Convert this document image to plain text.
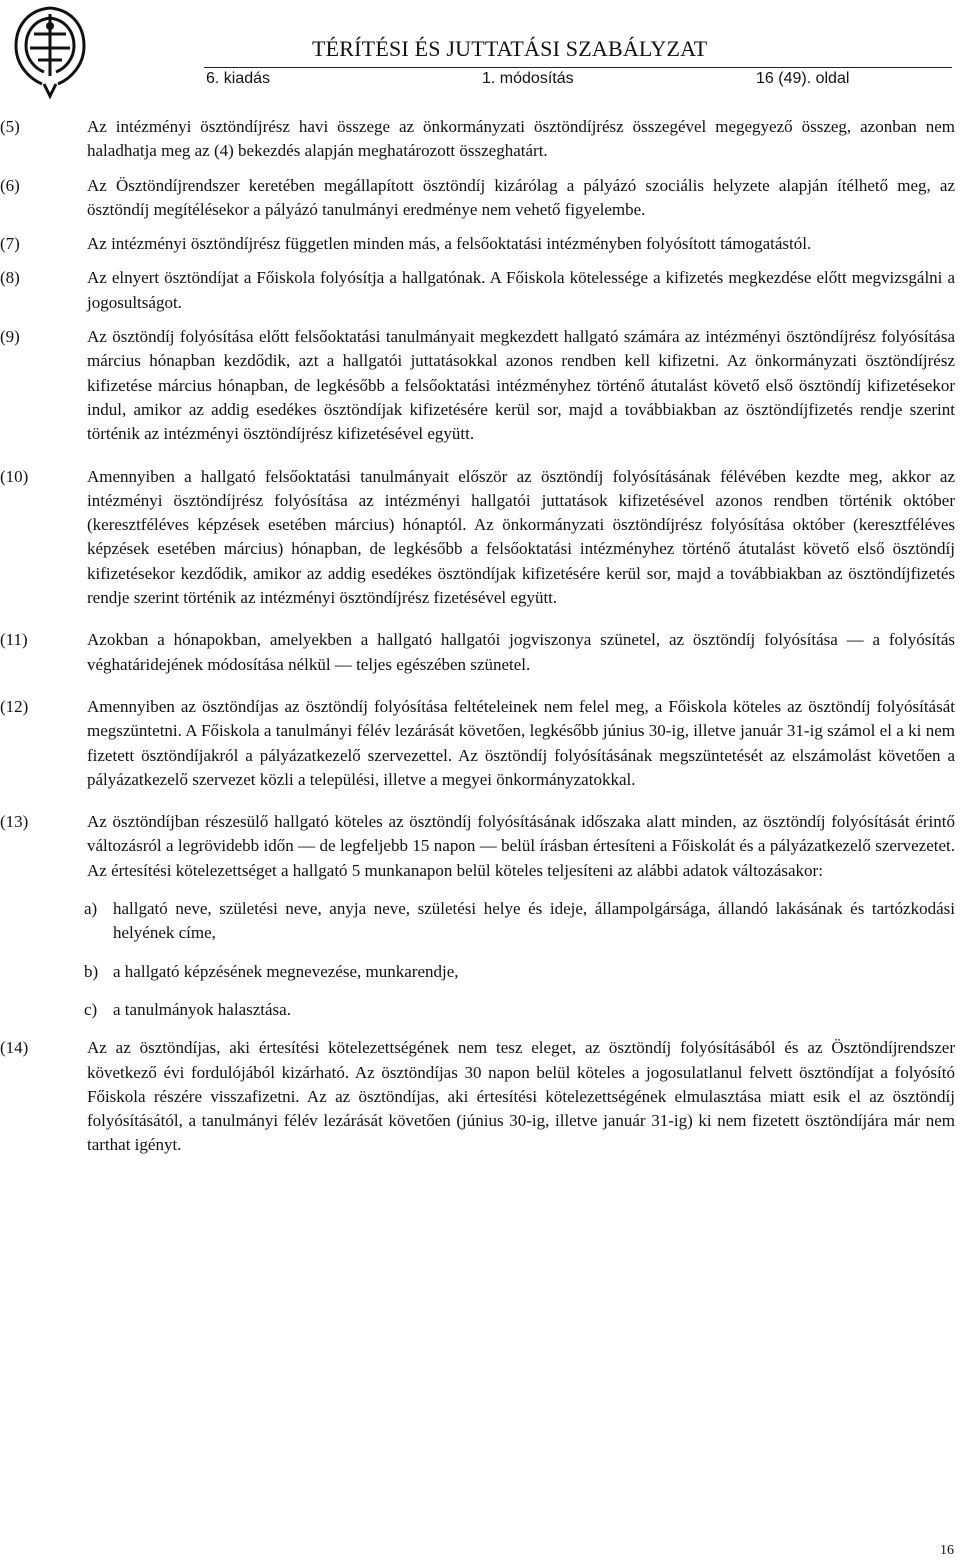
TÉRÍTÉSI ÉS JUTTATÁSI SZABÁLYZAT
6. kiadás	1. módosítás	16 (49). oldal
(5)	Az intézményi ösztöndíjrész havi összege az önkormányzati ösztöndíjrész összegével megegyező összeg, azonban nem haladhatja meg az (4) bekezdés alapján meghatározott összeghatárt.
(6)	Az Ösztöndíjrendszer keretében megállapított ösztöndíj kizárólag a pályázó szociális helyzete alapján ítélhető meg, az ösztöndíj megítélésekor a pályázó tanulmányi eredménye nem vehető figyelembe.
(7)	Az intézményi ösztöndíjrész független minden más, a felsőoktatási intézményben folyósított támogatástól.
(8)	Az elnyert ösztöndíjat a Főiskola folyósítja a hallgatónak. A Főiskola kötelessége a kifizetés megkezdése előtt megvizsgálni a jogosultságot.
(9)	Az ösztöndíj folyósítása előtt felsőoktatási tanulmányait megkezdett hallgató számára az intézményi ösztöndíjrész folyósítása március hónapban kezdődik, azt a hallgatói juttatásokkal azonos rendben kell kifizetni. Az önkormányzati ösztöndíjrész kifizetése március hónapban, de legkésőbb a felsőoktatási intézményhez történő átutalást követő első ösztöndíj kifizetésekor indul, amikor az addig esedékes ösztöndíjak kifizetésére kerül sor, majd a továbbiakban az ösztöndíjfizetés rendje szerint történik az intézményi ösztöndíjrész kifizetésével együtt.
(10)	Amennyiben a hallgató felsőoktatási tanulmányait először az ösztöndíj folyósításának félévében kezdte meg, akkor az intézményi ösztöndíjrész folyósítása az intézményi hallgatói juttatások kifizetésével azonos rendben történik október (keresztféléves képzések esetében március) hónaptól. Az önkormányzati ösztöndíjrész folyósítása október (keresztféléves képzések esetében március) hónapban, de legkésőbb a felsőoktatási intézményhez történő átutalást követő első ösztöndíj kifizetésekor kezdődik, amikor az addig esedékes ösztöndíjak kifizetésére kerül sor, majd a továbbiakban az ösztöndíjfizetés rendje szerint történik az intézményi ösztöndíjrész fizetésével együtt.
(11)	Azokban a hónapokban, amelyekben a hallgató hallgatói jogviszonya szünetel, az ösztöndíj folyósítása — a folyósítás véghatáridejének módosítása nélkül — teljes egészében szünetel.
(12)	Amennyiben az ösztöndíjas az ösztöndíj folyósítása feltételeinek nem felel meg, a Főiskola köteles az ösztöndíj folyósítását megszüntetni. A Főiskola a tanulmányi félév lezárását követően, legkésőbb június 30-ig, illetve január 31-ig számol el a ki nem fizetett ösztöndíjakról a pályázatkezelő szervezettel. Az ösztöndíj folyósításának megszüntetését az elszámolást követően a pályázatkezelő szervezet közli a települési, illetve a megyei önkormányzatokkal.
(13)	Az ösztöndíjban részesülő hallgató köteles az ösztöndíj folyósításának időszaka alatt minden, az ösztöndíj folyósítását érintő változásról a legrövidebb időn — de legfeljebb 15 napon — belül írásban értesíteni a Főiskolát és a pályázatkezelő szervezetet. Az értesítési kötelezettséget a hallgató 5 munkanapon belül köteles teljesíteni az alábbi adatok változásakor:
a) hallgató neve, születési neve, anyja neve, születési helye és ideje, állampolgársága, állandó lakásának és tartózkodási helyének címe,
b) a hallgató képzésének megnevezése, munkarendje,
c) a tanulmányok halasztása.
(14)	Az az ösztöndíjas, aki értesítési kötelezettségének nem tesz eleget, az ösztöndíj folyósításából és az Ösztöndíjrendszer következő évi fordulójából kizárható. Az ösztöndíjas 30 napon belül köteles a jogosulatlanul felvett ösztöndíjat a folyósító Főiskola részére visszafizetni. Az az ösztöndíjas, aki értesítési kötelezettségének elmulasztása miatt esik el az ösztöndíj folyósításától, a tanulmányi félév lezárását követően (június 30-ig, illetve január 31-ig) ki nem fizetett ösztöndíjára már nem tarthat igényt.
16
